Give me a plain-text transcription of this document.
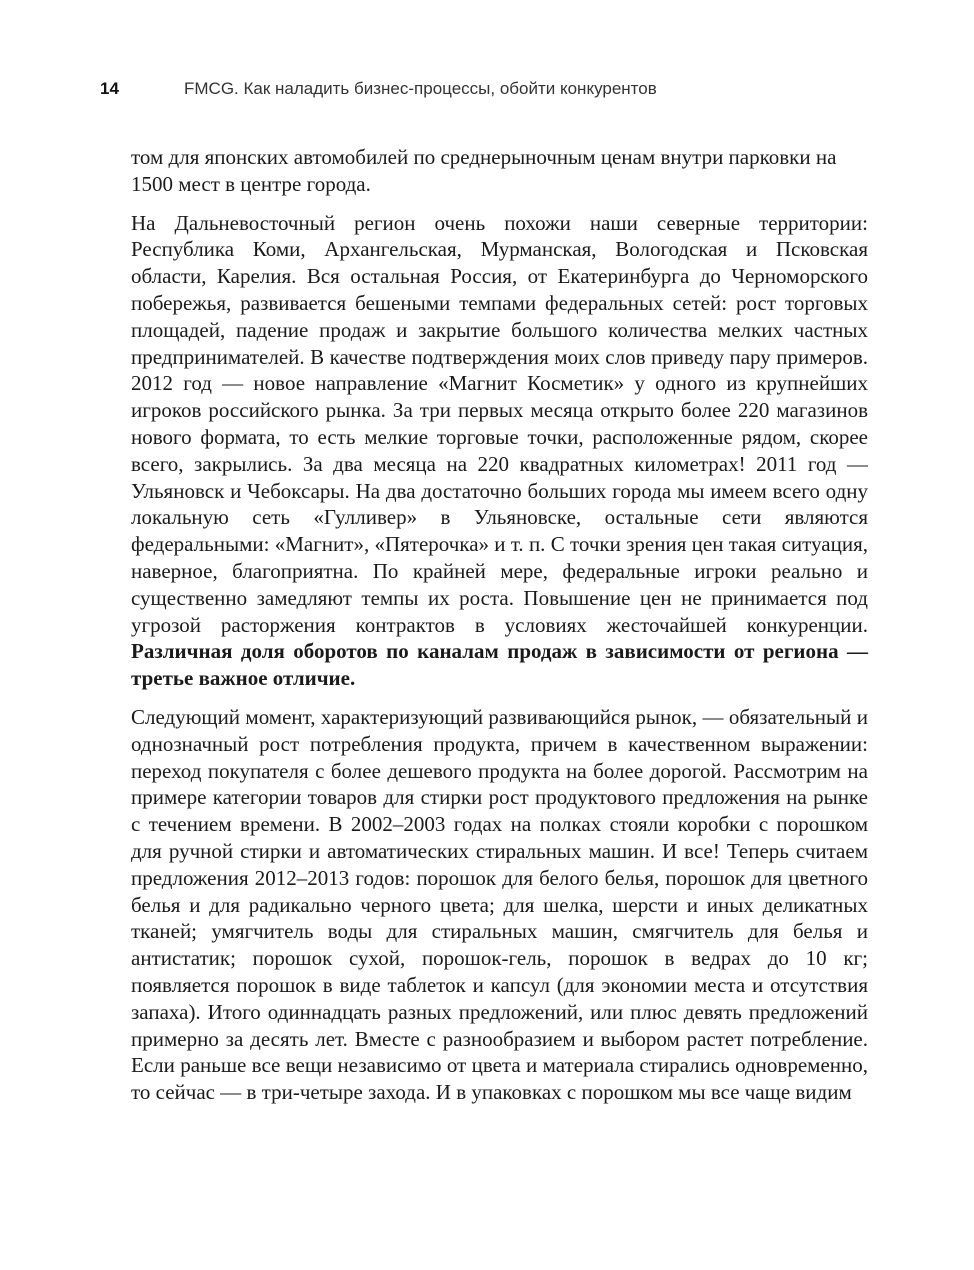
14	FMCG. Как наладить бизнес-процессы, обойти конкурентов

том для японских автомобилей по среднерыночным ценам внутри парковки на 1500 мест в центре города.

На Дальневосточный регион очень похожи наши северные территории: Республика Коми, Архангельская, Мурманская, Вологодская и Псковская области, Карелия. Вся остальная Россия, от Екатеринбурга до Черноморского побережья, развивается бешеными темпами федеральных сетей: рост торговых площадей, падение продаж и закрытие большого количества мелких частных предпринимателей. В качестве подтверждения моих слов приведу пару примеров. 2012 год — новое направление «Магнит Косметик» у одного из крупнейших игроков российского рынка. За три первых месяца открыто более 220 магазинов нового формата, то есть мелкие торговые точки, расположенные рядом, скорее всего, закрылись. За два месяца на 220 квадратных километрах! 2011 год — Ульяновск и Чебоксары. На два достаточно больших города мы имеем всего одну локальную сеть «Гулливер» в Ульяновске, остальные сети являются федеральными: «Магнит», «Пятерочка» и т. п. С точки зрения цен такая ситуация, наверное, благоприятна. По крайней мере, федеральные игроки реально и существенно замедляют темпы их роста. Повышение цен не принимается под угрозой расторжения контрактов в условиях жесточайшей конкуренции. Различная доля оборотов по каналам продаж в зависимости от региона — третье важное отличие.

Следующий момент, характеризующий развивающийся рынок, — обязательный и однозначный рост потребления продукта, причем в качественном выражении: переход покупателя с более дешевого продукта на более дорогой. Рассмотрим на примере категории товаров для стирки рост продуктового предложения на рынке с течением времени. В 2002–2003 годах на полках стояли коробки с порошком для ручной стирки и автоматических стиральных машин. И все! Теперь считаем предложения 2012–2013 годов: порошок для белого белья, порошок для цветного белья и для радикально черного цвета; для шелка, шерсти и иных деликатных тканей; умягчитель воды для стиральных машин, смягчитель для белья и антистатик; порошок сухой, порошок-гель, порошок в ведрах до 10 кг; появляется порошок в виде таблеток и капсул (для экономии места и отсутствия запаха). Итого одиннадцать разных предложений, или плюс девять предложений примерно за десять лет. Вместе с разнообразием и выбором растет потребление. Если раньше все вещи независимо от цвета и материала стирались одновременно, то сейчас — в три-четыре захода. И в упаковках с порошком мы все чаще видим
